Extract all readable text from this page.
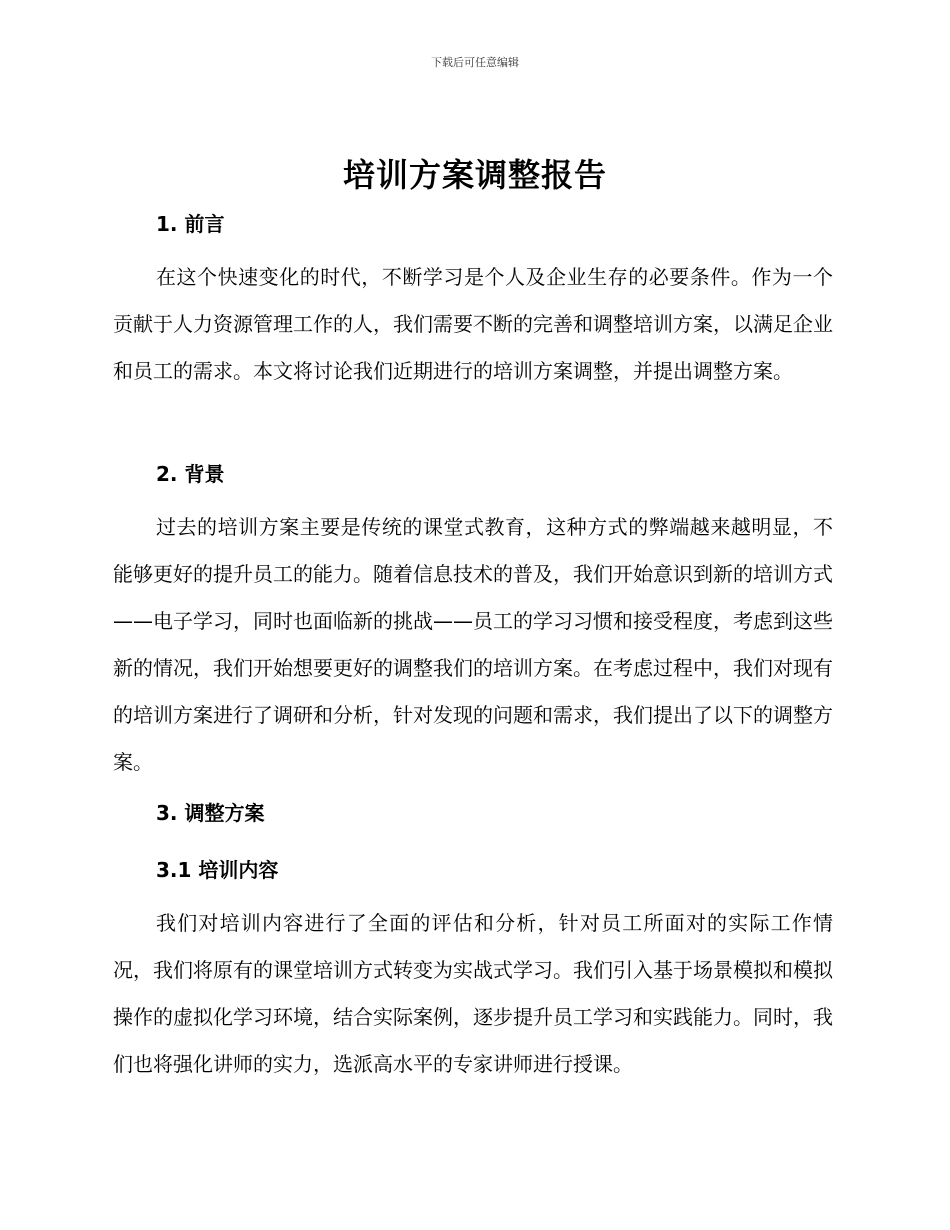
下载后可任意编辑
培训方案调整报告
1. 前言
在这个快速变化的时代，不断学习是个人及企业生存的必要条件。作为一个贡献于人力资源管理工作的人，我们需要不断的完善和调整培训方案，以满足企业和员工的需求。本文将讨论我们近期进行的培训方案调整，并提出调整方案。
2. 背景
过去的培训方案主要是传统的课堂式教育，这种方式的弊端越来越明显，不能够更好的提升员工的能力。随着信息技术的普及，我们开始意识到新的培训方式——电子学习，同时也面临新的挑战——员工的学习习惯和接受程度，考虑到这些新的情况，我们开始想要更好的调整我们的培训方案。在考虑过程中，我们对现有的培训方案进行了调研和分析，针对发现的问题和需求，我们提出了以下的调整方案。
3. 调整方案
3.1 培训内容
我们对培训内容进行了全面的评估和分析，针对员工所面对的实际工作情况，我们将原有的课堂培训方式转变为实战式学习。我们引入基于场景模拟和模拟操作的虚拟化学习环境，结合实际案例，逐步提升员工学习和实践能力。同时，我们也将强化讲师的实力，选派高水平的专家讲师进行授课。
